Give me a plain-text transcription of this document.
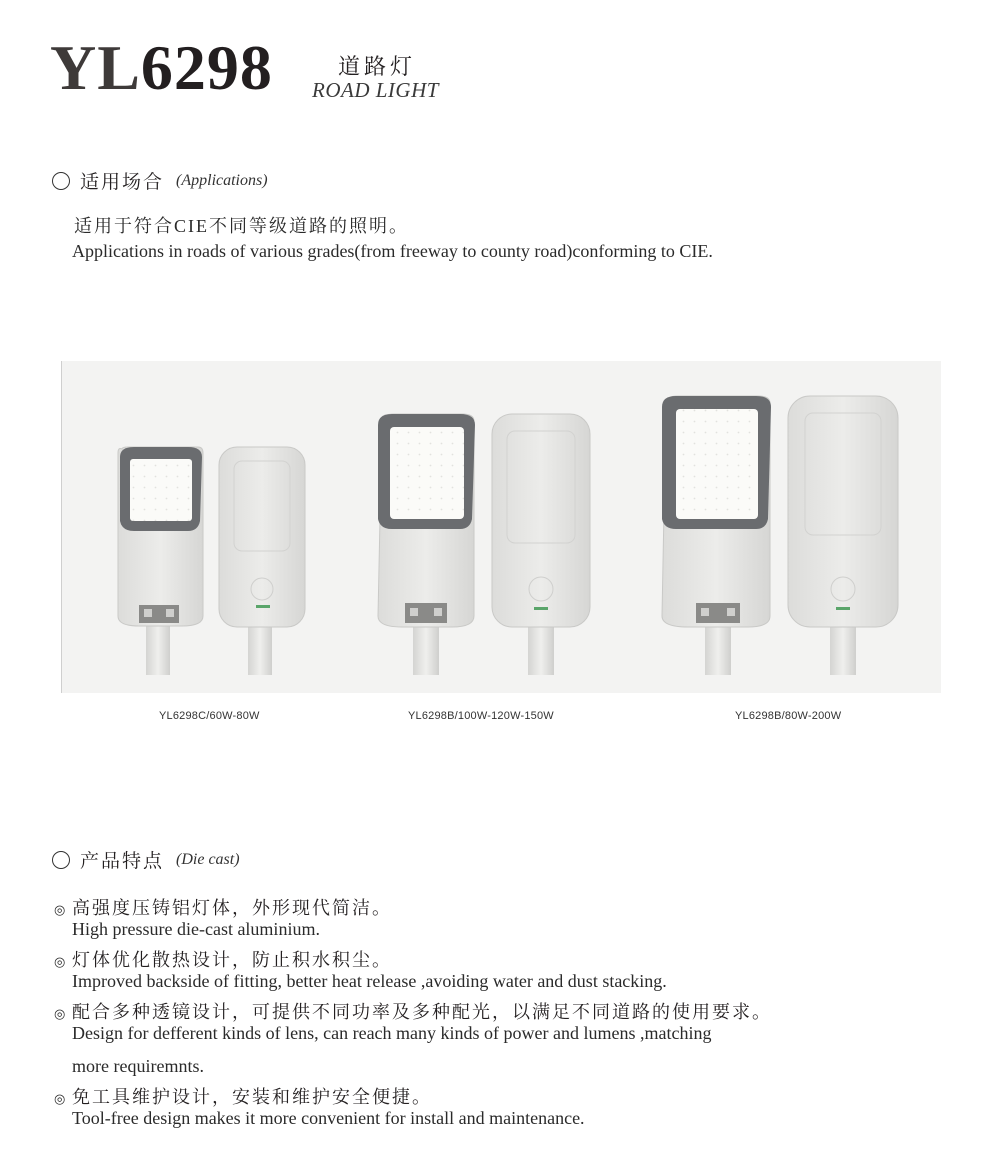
YL6298	道路灯
ROAD LIGHT
适用场合 (Applications)
适用于符合CIE不同等级道路的照明。
Applications in roads of various grades(from freeway to county road)conforming to CIE.
YL6298C/60W-80W	YL6298B/100W-120W-150W	YL6298B/80W-200W
产品特点 (Die cast)
◎ 高强度压铸铝灯体，外形现代简洁。
High pressure die-cast aluminium.
◎ 灯体优化散热设计，防止积水积尘。
Improved backside of fitting, better heat release ,avoiding water and dust stacking.
◎ 配合多种透镜设计，可提供不同功率及多种配光，以满足不同道路的使用要求。
Design for defferent kinds of lens, can reach many kinds of power and lumens ,matching
more requiremnts.
◎ 免工具维护设计，安装和维护安全便捷。
Tool-free design makes it more convenient for install and maintenance.
